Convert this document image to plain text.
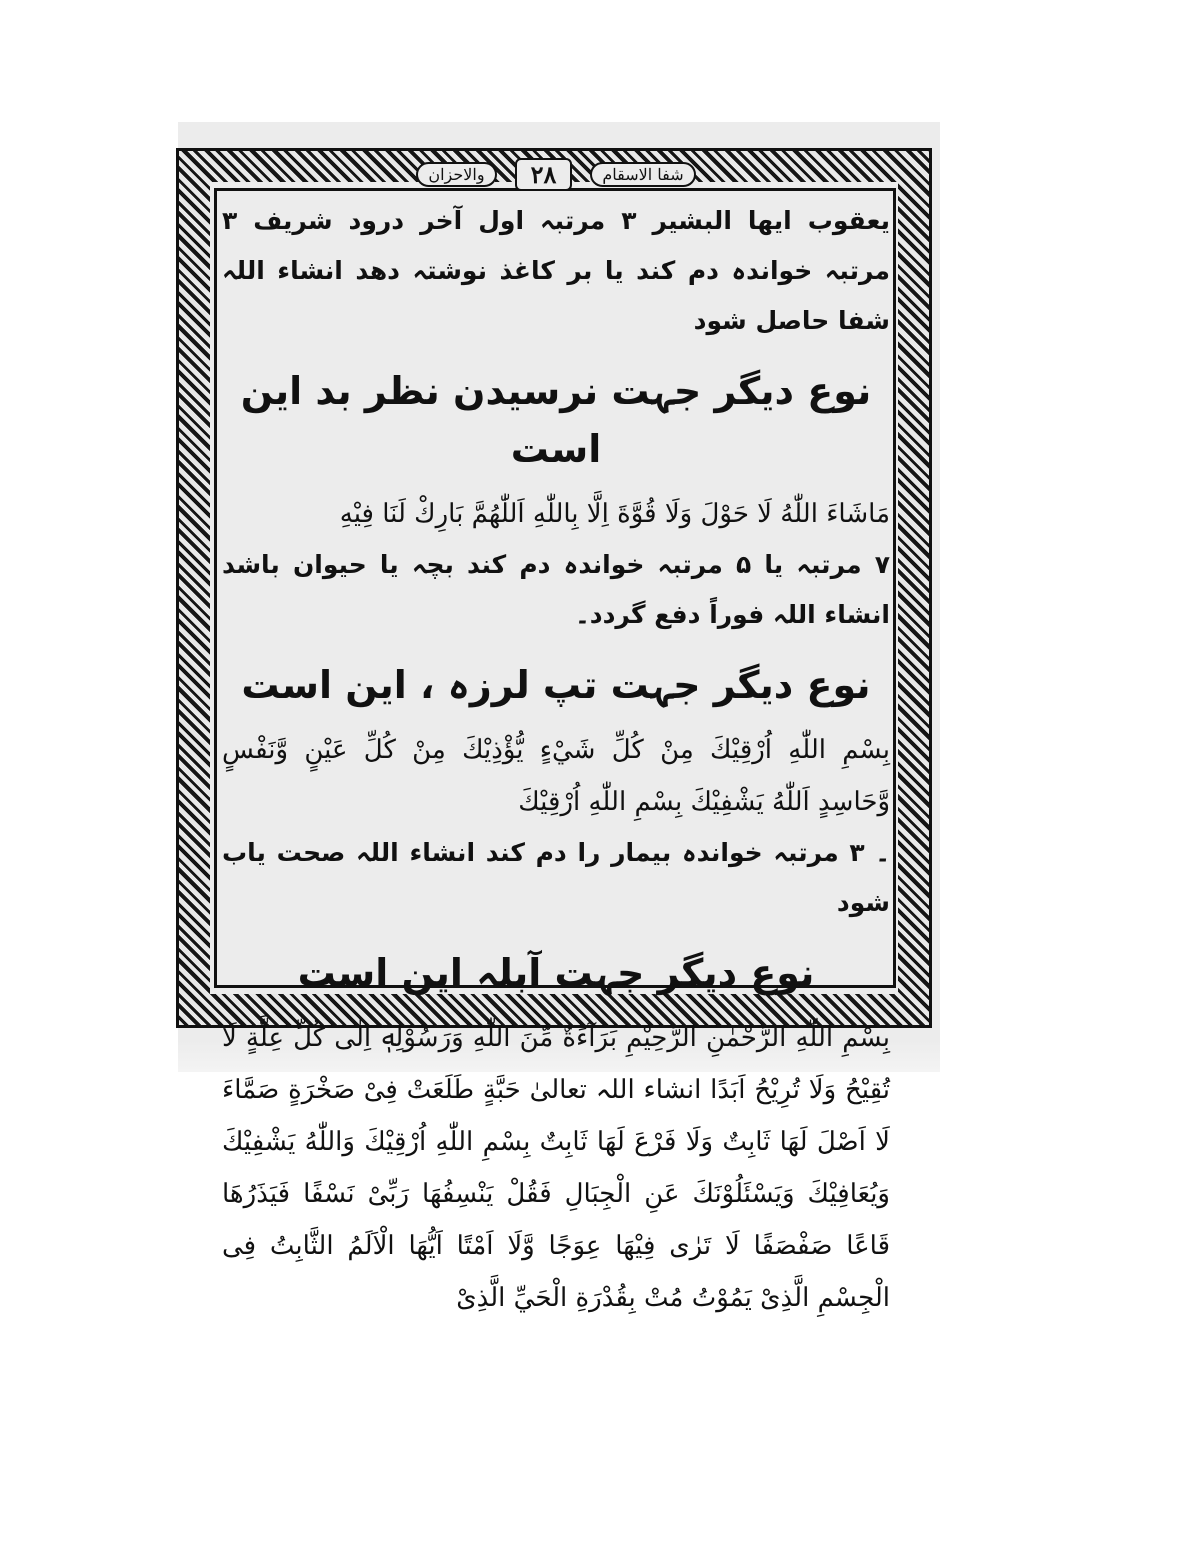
والاحزان	۲۸	شفا الاسقام

یعقوب ایها البشیر ۳ مرتبہ اول آخر درود شریف ۳ مرتبہ خواندہ دم کند یا بر کاغذ نوشتہ دھد انشاء اللہ شفا حاصل شود

نوع دیگر جہت نرسیدن نظر بد این است

مَاشَاءَ اللّٰهُ لَا حَوْلَ وَلَا قُوَّةَ اِلَّا بِاللّٰهِ اَللّٰهُمَّ بَارِكْ لَنَا فِيْهِ

۷ مرتبہ یا ۵ مرتبہ خواندہ دم کند بچہ یا حیوان باشد انشاء اللہ فوراً دفع گردد۔

نوع دیگر جہت تپ لرزہ ، این است

بِسْمِ اللّٰهِ اُرْقِيْكَ مِنْ كُلِّ شَيْءٍ يُّؤْذِيْكَ مِنْ كُلِّ عَيْنٍ وَّنَفْسٍ وَّحَاسِدٍ اَللّٰهُ يَشْفِيْكَ بِسْمِ اللّٰهِ اُرْقِيْكَ

۔ ۳ مرتبہ خواندہ بیمار را دم کند انشاء اللہ صحت یاب شود

نوع دیگر جہت آبلہ این است

بِسْمِ اللّٰهِ الرَّحْمٰنِ الرَّحِيْمِ بَرَآءَةٌ مِّنَ اللّٰهِ وَرَسُوْلِهٖ اِلٰى كُلِّ عِلَّةٍ لَا تُقِيْحُ وَلَا تُرِيْحُ اَبَدًا انشاء اللہ تعالیٰ حَبَّةٍ طَلَعَتْ فِىْ صَخْرَةٍ صَمَّاءَ لَا اَصْلَ لَهَا ثَابِتٌ وَلَا فَرْعَ لَهَا ثَابِتٌ بِسْمِ اللّٰهِ اُرْقِيْكَ وَاللّٰهُ يَشْفِيْكَ وَيُعَافِيْكَ وَيَسْئَلُوْنَكَ عَنِ الْجِبَالِ فَقُلْ يَنْسِفُهَا رَبِّىْ نَسْفًا فَيَذَرُهَا قَاعًا صَفْصَفًا لَا تَرٰى فِيْهَا عِوَجًا وَّلَا اَمْتًا اَيُّهَا الْاَلَمُ الثَّابِتُ فِى الْجِسْمِ الَّذِىْ يَمُوْتُ مُتْ بِقُدْرَةِ الْحَيِّ الَّذِىْ
